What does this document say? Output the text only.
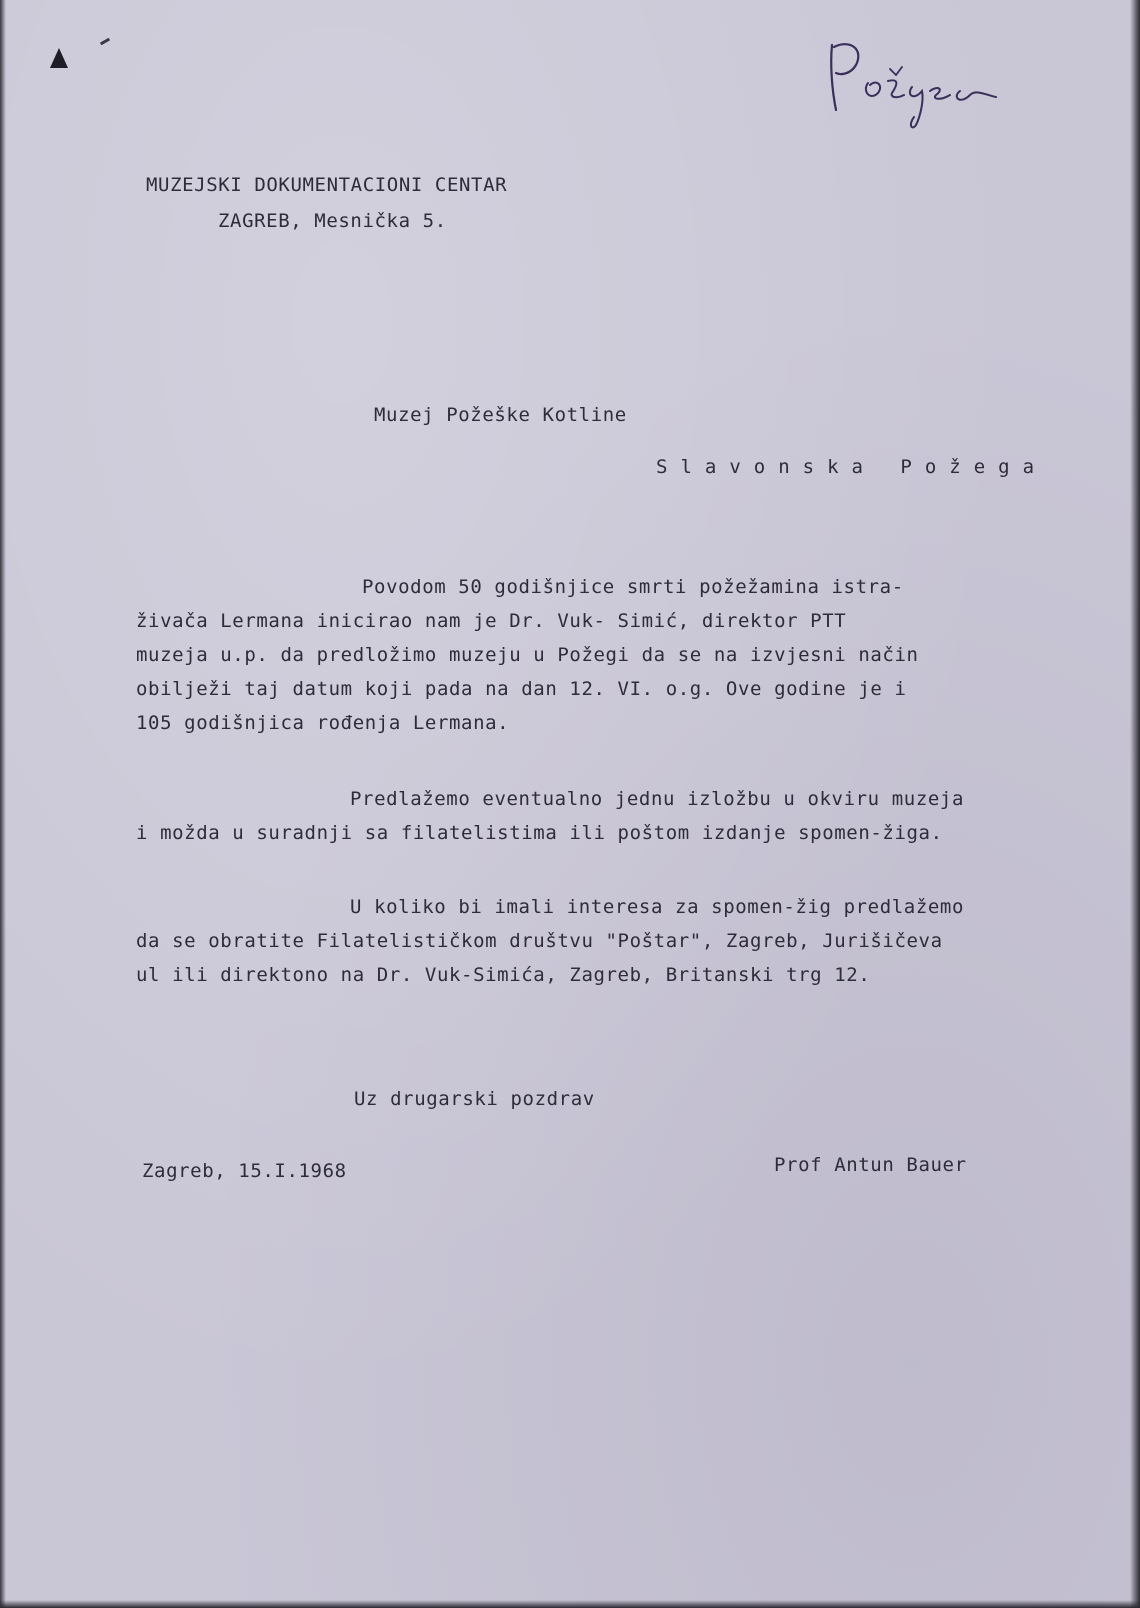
MUZEJSKI DOKUMENTACIONI CENTAR
ZAGREB, Mesnička 5.
Muzej Požeške Kotline
Slavonska Požega
Povodom 50 godišnjice smrti požežamina istra-
živača Lermana inicirao nam je Dr. Vuk- Simić, direktor PTT
muzeja u.p. da predložimo muzeju u Požegi da se na izvjesni način
obilježi taj datum koji pada na dan 12. VI. o.g. Ove godine je i
105 godišnjica rođenja Lermana.
Predlažemo eventualno jednu izložbu u okviru muzeja
i možda u suradnji sa filatelistima ili poštom izdanje spomen-žiga.
U koliko bi imali interesa za spomen-žig predlažemo
da se obratite Filatelističkom društvu "Poštar", Zagreb, Jurišičeva
ul ili direktono na Dr. Vuk-Simića, Zagreb, Britanski trg 12.
Uz drugarski pozdrav
Zagreb, 15.I.1968	Prof Antun Bauer
